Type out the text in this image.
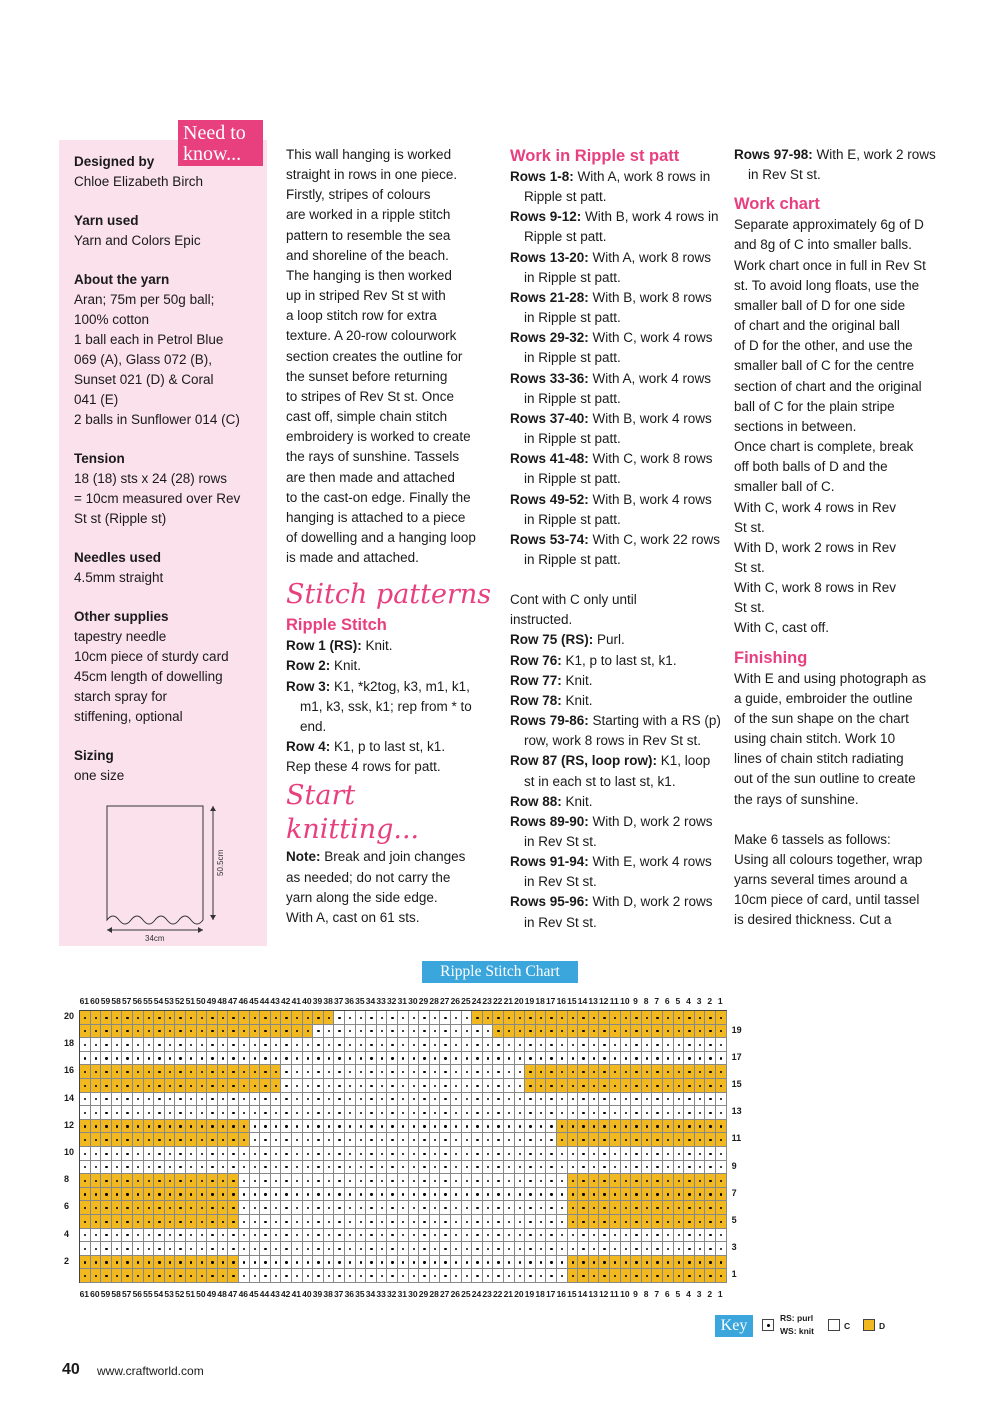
Designed by
Chloe Elizabeth Birch
Yarn used
Yarn and Colors Epic
About the yarn
Aran; 75m per 50g ball;
100% cotton
1 ball each in Petrol Blue
069 (A), Glass 072 (B),
Sunset 021 (D) & Coral
041 (E)
2 balls in Sunflower 014 (C)
Tension
18 (18) sts x 24 (28) rows
= 10cm measured over Rev
St st (Ripple st)
Needles used
4.5mm straight
Other supplies
tapestry needle
10cm piece of sturdy card
45cm length of dowelling
starch spray for
stiffening, optional
Sizing
one size
50.5cm
34cm
Need to know...	This wall hanging is worked

straight in rows in one piece.

Firstly, stripes of colours

are worked in a ripple stitch

pattern to resemble the sea

and shoreline of the beach.

The hanging is then worked

up in striped Rev St st with

a loop stitch row for extra

texture. A 20-row colourwork

section creates the outline for

the sunset before returning

to stripes of Rev St st. Once

cast off, simple chain stitch

embroidery is worked to create

the rays of sunshine. Tassels

are then made and attached

to the cast-on edge. Finally the

hanging is attached to a piece

of dowelling and a hanging loop

is made and attached.

Stitch patterns
Ripple Stitch

Row 1 (RS): Knit.

Row 2: Knit.

Row 3: K1, *k2tog, k3, m1, k1, m1, k3, ssk, k1; rep from * to end.

Row 4: K1, p to last st, k1.

Rep these 4 rows for patt.

Start knitting...

Note: Break and join changes

as needed; do not carry the

yarn along the side edge.

With A, cast on 61 sts.

Work in Ripple st patt

Rows 1-8: With A, work 8 rows in Ripple st patt.

Rows 9-12: With B, work 4 rows in Ripple st patt.

Rows 13-20: With A, work 8 rows in Ripple st patt.

Rows 21-28: With B, work 8 rows in Ripple st patt.

Rows 29-32: With C, work 4 rows in Ripple st patt.

Rows 33-36: With A, work 4 rows in Ripple st patt.

Rows 37-40: With B, work 4 rows in Ripple st patt.

Rows 41-48: With C, work 8 rows in Ripple st patt.

Rows 49-52: With B, work 4 rows in Ripple st patt.

Rows 53-74: With C, work 22 rows in Ripple st patt.

Cont with C only until

instructed.

Row 75 (RS): Purl.

Row 76: K1, p to last st, k1.

Row 77: Knit.

Row 78: Knit.

Rows 79-86: Starting with a RS (p) row, work 8 rows in Rev St st.

Row 87 (RS, loop row): K1, loop st in each st to last st, k1.

Row 88: Knit.

Rows 89-90: With D, work 2 rows in Rev St st.

Rows 91-94: With E, work 4 rows in Rev St st.

Rows 95-96: With D, work 2 rows in Rev St st.

Rows 97-98: With E, work 2 rows in Rev St st.

Work chart

Separate approximately 6g of D

and 8g of C into smaller balls.

Work chart once in full in Rev St

st. To avoid long floats, use the

smaller ball of D for one side

of chart and the original ball

of D for the other, and use the

smaller ball of C for the centre

section of chart and the original

ball of C for the plain stripe

sections in between.

Once chart is complete, break

off both balls of D and the

smaller ball of C.

With C, work 4 rows in Rev

St st.

With D, work 2 rows in Rev

St st.

With C, work 8 rows in Rev

St st.

With C, cast off.

Finishing

With E and using photograph as

a guide, embroider the outline

of the sun shape on the chart

using chain stitch. Work 10

lines of chain stitch radiating

out of the sun outline to create

the rays of sunshine.

Make 6 tassels as follows:

Using all colours together, wrap

yarns several times around a

10cm piece of card, until tassel

is desired thickness. Cut a

Ripple Stitch Chart
1
2
3
4
5
6
7
8
9
10
11
12
13
14
15
16
17
18
19
20
21
22
23
24
25
26
27
28
29
30
31
32
33
34
35
36
37
38
39
40
41
42
43
44
45
46
47
48
49
50
51
52
53
54
55
56
57
58
59
60
61
1
2
3
4
5
6
7
8
9
10
11
12
13
14
15
16
17
18
19
20
21
22
23
24
25
26
27
28
29
30
31
32
33
34
35
36
37
38
39
40
41
42
43
44
45
46
47
48
49
50
51
52
53
54
55
56
57
58
59
60
61
1
2
3
4
5
6
7
8
9
10
11
12
13
14
15
16
17
18
19
20
Key	RS: purl
WS: knit	C	D
40 www.craftworld.com
